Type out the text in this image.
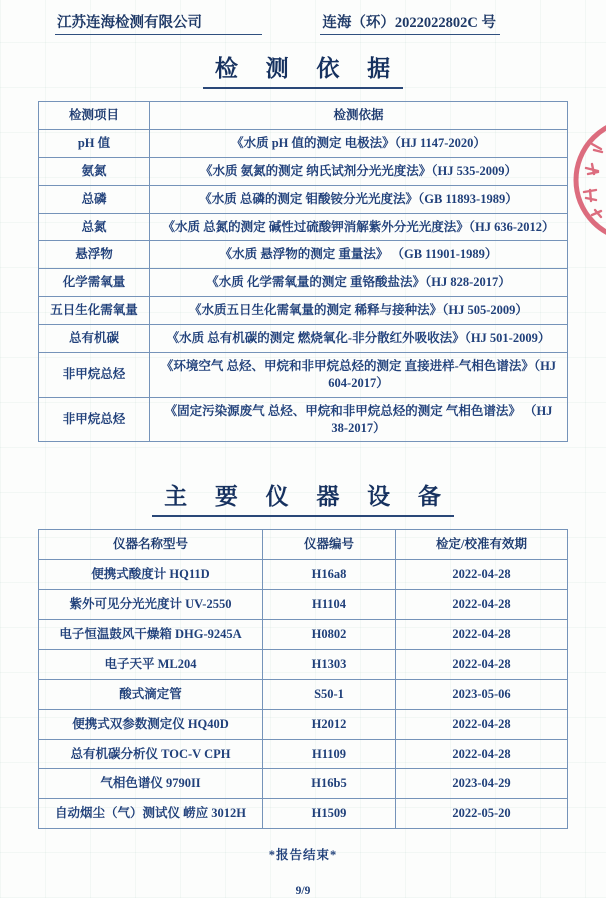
江苏连海检测有限公司	连海（环）2022022802C 号
检 测 依 据
检测项目	检测依据
pH 值	《水质 pH 值的测定 电极法》（HJ 1147-2020）
氨氮	《水质 氨氮的测定 纳氏试剂分光光度法》（HJ 535-2009）
总磷	《水质 总磷的测定 钼酸铵分光光度法》（GB 11893-1989）
总氮	《水质 总氮的测定 碱性过硫酸钾消解紫外分光光度法》（HJ 636-2012）
悬浮物	《水质 悬浮物的测定 重量法》 （GB 11901-1989）
化学需氧量	《水质 化学需氧量的测定 重铬酸盐法》（HJ 828-2017）
五日生化需氧量	《水质五日生化需氧量的测定 稀释与接种法》（HJ 505-2009）
总有机碳	《水质 总有机碳的测定 燃烧氧化-非分散红外吸收法》（HJ 501-2009）
非甲烷总烃	《环境空气 总烃、甲烷和非甲烷总烃的测定 直接进样-气相色谱法》（HJ 604-2017）
非甲烷总烃	《固定污染源废气 总烃、甲烷和非甲烷总烃的测定 气相色谱法》 （HJ 38-2017）
主 要 仪 器 设 备
仪器名称型号	仪器编号	检定/校准有效期
便携式酸度计 HQ11D	H16a8	2022-04-28
紫外可见分光光度计 UV-2550	H1104	2022-04-28
电子恒温鼓风干燥箱 DHG-9245A	H0802	2022-04-28
电子天平 ML204	H1303	2022-04-28
酸式滴定管	S50-1	2023-05-06
便携式双参数测定仪 HQ40D	H2012	2022-04-28
总有机碳分析仪 TOC-V CPH	H1109	2022-04-28
气相色谱仪 9790II	H16b5	2023-04-29
自动烟尘（气）测试仪 崂应 3012H	H1509	2022-05-20

*报告结束*

9/9
